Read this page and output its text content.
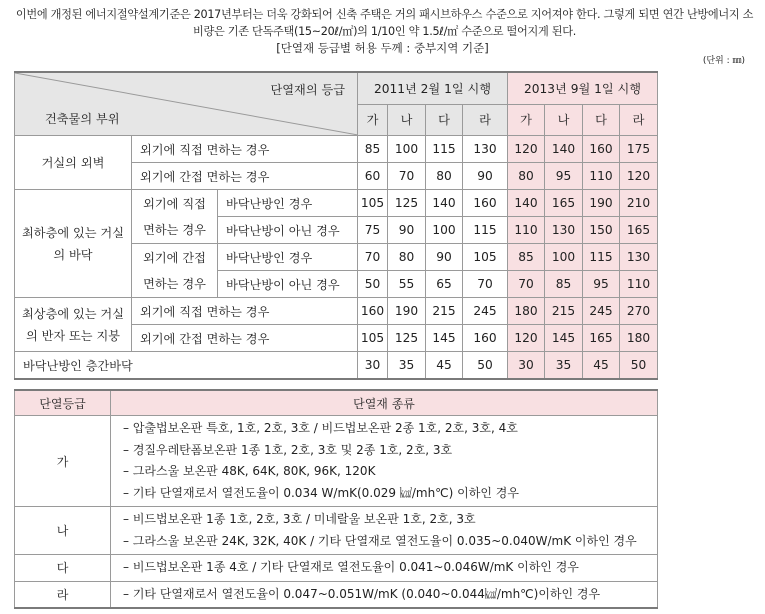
이번에 개정된 에너지절약설계기준은 2017년부터는 더욱 강화되어 신축 주택은 거의 패시브하우스 수준으로 지어져야 한다. 그렇게 되면 연간 난방에너지 소비량은 기존 단독주택(15~20ℓ/㎡)의 1/10인 약 1.5ℓ/㎡ 수준으로 떨어지게 된다.
[단열재 등급별 허용 두께 : 중부지역 기준]
(단위 : ㎜)
단열재의 등급
건축물의 부위			2011년 2월 1일 시행				2013년 9월 1일 시행			
			가	나	다	라	가	나	다	라
거실의 외벽	외기에 직접 면하는 경우		85	100	115	130	120	140	160	175
	외기에 간접 면하는 경우		60	70	80	90	80	95	110	120
최하층에 있는 거실
의 바닥	외기에 직접	바닥난방인 경우	105	125	140	160	140	165	190	210
	면하는 경우	바닥난방이 아닌 경우	75	90	100	115	110	130	150	165
	외기에 간접	바닥난방인 경우	70	80	90	105	85	100	115	130
	면하는 경우	바닥난방이 아닌 경우	50	55	65	70	70	85	95	110
최상층에 있는 거실
의 반자 또는 지붕	외기에 직접 면하는 경우		160	190	215	245	180	215	245	270
	외기에 간접 면하는 경우		105	125	145	160	120	145	165	180
바닥난방인 층간바닥			30	35	45	50	30	35	45	50
단열등급	단열재 종류
가	– 압출법보온판 특호, 1호, 2호, 3호 / 비드법보온판 2종 1호, 2호, 3호, 4호
– 경질우레탄폼보온판 1종 1호, 2호, 3호 및 2종 1호, 2호, 3호
– 그라스울 보온판 48K, 64K, 80K, 96K, 120K
– 기타 단열재로서 열전도율이 0.034 W/mK(0.029 ㎉/mh℃) 이하인 경우

나	– 비드법보온판 1종 1호, 2호, 3호 / 미네랄울 보온판 1호, 2호, 3호
– 그라스울 보온판 24K, 32K, 40K / 기타 단열재로 열전도율이 0.035~0.040W/mK 이하인 경우

다	– 비드법보온판 1종 4호 / 기타 단열재로 열전도율이 0.041~0.046W/mK 이하인 경우

라	– 기타 단열재로서 열전도율이 0.047~0.051W/mK (0.040~0.044㎉/mh℃)이하인 경우
